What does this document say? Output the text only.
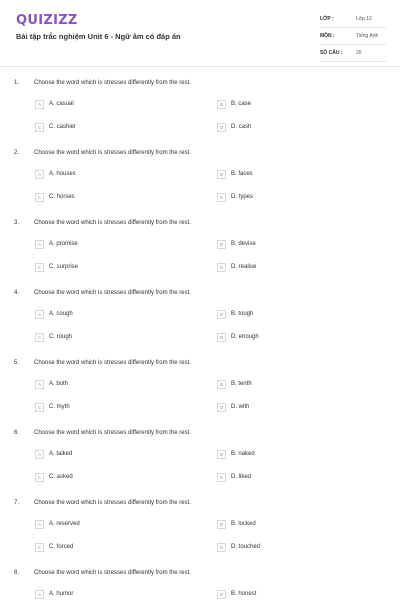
QUIZIZZ
Bài tập trắc nghiệm Unit 6 - Ngữ âm có đáp án
LỚP :	Lớp 12
MÔN :	Tiếng Anh
SỐ CÂU :	20
1. Choose the word which is stresses differently from the rest.
A	A. casual	B	B. case
C	C. cashier	D	D. cash
2. Choose the word which is stresses differently from the rest.
A	A. houses	B	B. faces
C	C. horses	D	D. types
3. Choose the word which is stresses differently from the rest.
A	A. promise	B	B. devise
C	C. surprise	D	D. realise
4. Choose the word which is stresses differently from the rest.
A	A. cough	B	B. tough
C	C. rough	D	D. enough
5. Choose the word which is stresses differently from the rest.
A	A. both	B	B. tenth
C	C. myth	D	D. with
6. Choose the word which is stresses differently from the rest.
A	A. talked	B	B. naked
C	C. asked	D	D. liked
7. Choose the word which is stresses differently from the rest.
A	A. reserved	B	B. locked
C	C. forced	D	D. touched
8. Choose the word which is stresses differently from the rest.
A	A. humor	B	B. honest
